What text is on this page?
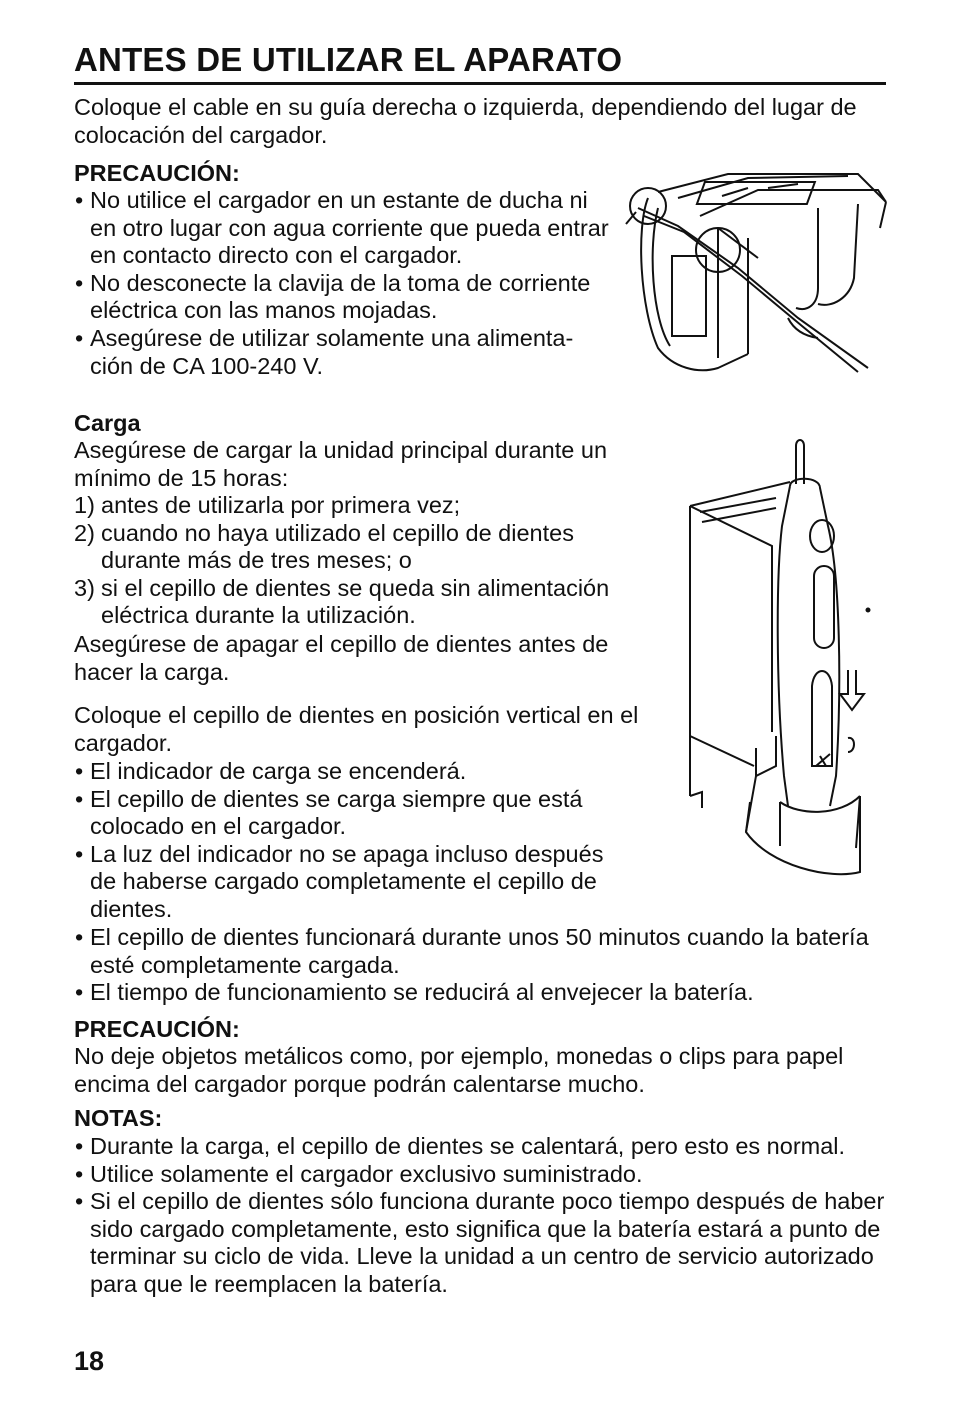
ANTES DE UTILIZAR EL APARATO

Coloque el cable en su guía derecha o izquierda, dependiendo del lugar de colocación del cargador.

PRECAUCIÓN:
• No utilice el cargador en un estante de ducha ni en otro lugar con agua corriente que pueda entrar en contacto directo con el cargador.
• No desconecte la clavija de la toma de corriente eléctrica con las manos mojadas.
• Asegúrese de utilizar solamente una alimenta-ción de CA 100-240 V.
Carga

Asegúrese de cargar la unidad principal durante un mínimo de 15 horas:

1) antes de utilizarla por primera vez;
2) cuando no haya utilizado el cepillo de dientes durante más de tres meses; o
3) si el cepillo de dientes se queda sin alimentación eléctrica durante la utilización.

Asegúrese de apagar el cepillo de dientes antes de hacer la carga.

Coloque el cepillo de dientes en posición vertical en el cargador.

• El indicador de carga se encenderá.
• El cepillo de dientes se carga siempre que está colocado en el cargador.
• La luz del indicador no se apaga incluso después de haberse cargado completamente el cepillo de dientes.
• El cepillo de dientes funcionará durante unos 50 minutos cuando la batería esté completamente cargada.
• El tiempo de funcionamiento se reducirá al envejecer la batería.
PRECAUCIÓN:

No deje objetos metálicos como, por ejemplo, monedas o clips para papel encima del cargador porque podrán calentarse mucho.

NOTAS:
• Durante la carga, el cepillo de dientes se calentará, pero esto es normal.
• Utilice solamente el cargador exclusivo suministrado.
• Si el cepillo de dientes sólo funciona durante poco tiempo después de haber sido cargado completamente, esto significa que la batería estará a punto de terminar su ciclo de vida. Lleve la unidad a un centro de servicio autorizado para que le reemplacen la batería.
18
